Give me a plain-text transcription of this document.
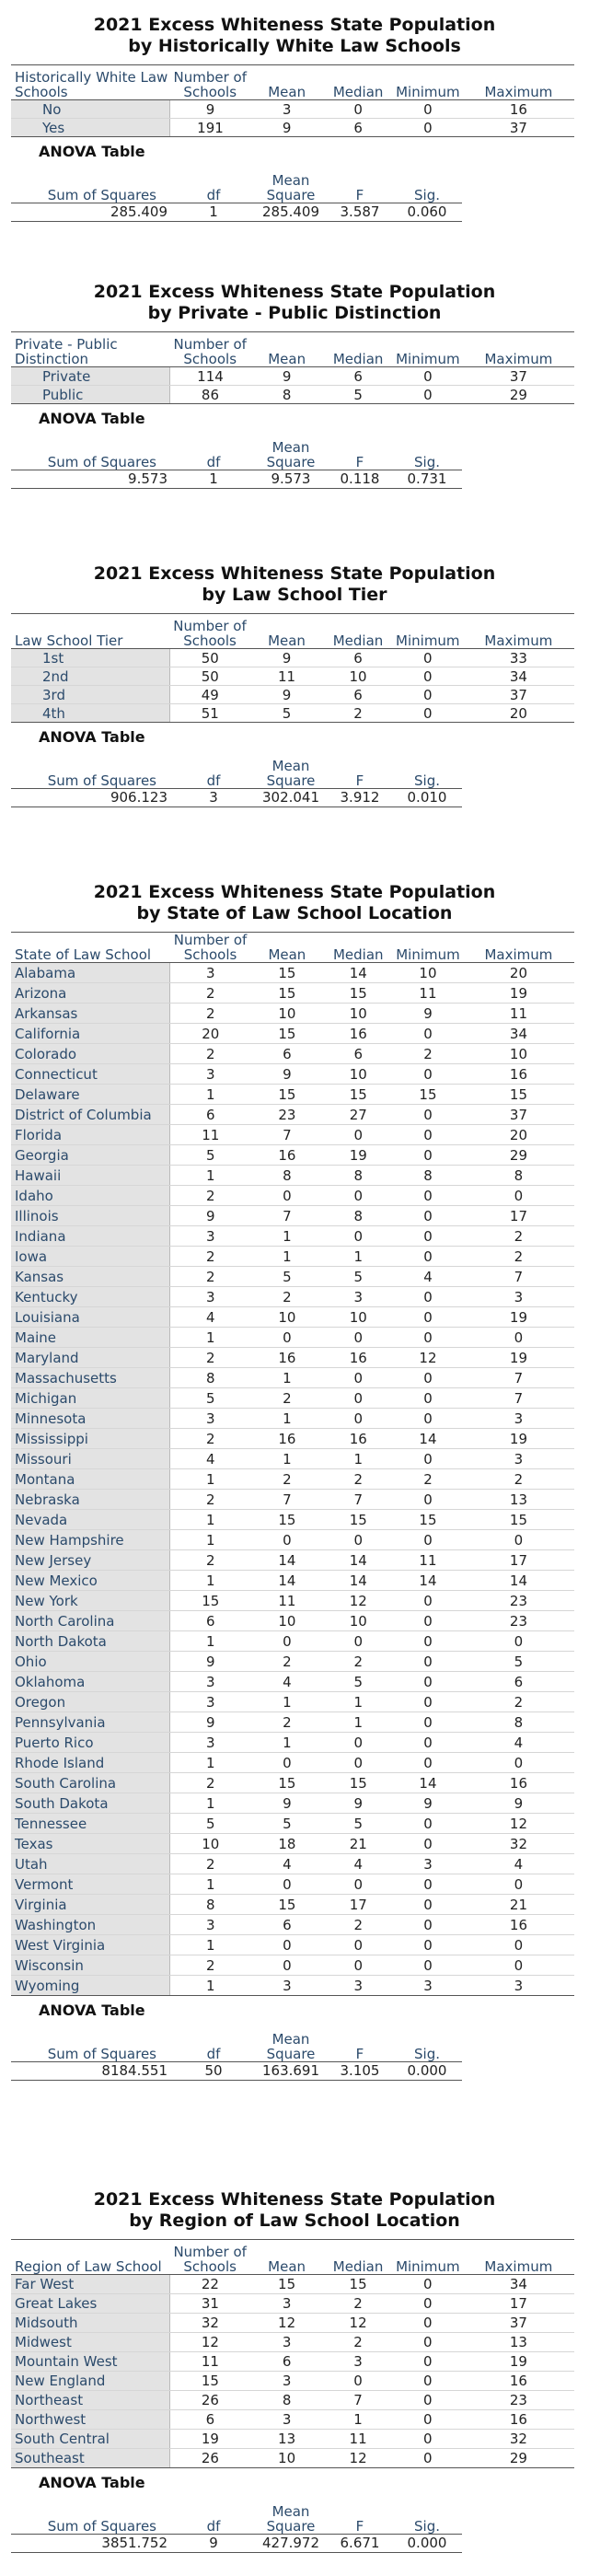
2021 Excess Whiteness State Population
by Historically White Law Schools
Historically White Law Schools	Number of Schools	Mean	Median	Minimum	Maximum
No	9	3	0	0	16
Yes	191	9	6	0	37
ANOVA Table
Sum of Squares	df	Mean Square	F	Sig.
285.409	1	285.409	3.587	0.060
2021 Excess Whiteness State Population
by Private - Public Distinction
Private - Public Distinction	Number of Schools	Mean	Median	Minimum	Maximum
Private	114	9	6	0	37
Public	86	8	5	0	29
ANOVA Table
Sum of Squares	df	Mean Square	F	Sig.
9.573	1	9.573	0.118	0.731
2021 Excess Whiteness State Population
by Law School Tier
Law School Tier	Number of Schools	Mean	Median	Minimum	Maximum
1st	50	9	6	0	33
2nd	50	11	10	0	34
3rd	49	9	6	0	37
4th	51	5	2	0	20
ANOVA Table
Sum of Squares	df	Mean Square	F	Sig.
906.123	3	302.041	3.912	0.010
2021 Excess Whiteness State Population
by State of Law School Location
State of Law School	Number of Schools	Mean	Median	Minimum	Maximum
Alabama	3	15	14	10	20
Arizona	2	15	15	11	19
Arkansas	2	10	10	9	11
California	20	15	16	0	34
Colorado	2	6	6	2	10
Connecticut	3	9	10	0	16
Delaware	1	15	15	15	15
District of Columbia	6	23	27	0	37
Florida	11	7	0	0	20
Georgia	5	16	19	0	29
Hawaii	1	8	8	8	8
Idaho	2	0	0	0	0
Illinois	9	7	8	0	17
Indiana	3	1	0	0	2
Iowa	2	1	1	0	2
Kansas	2	5	5	4	7
Kentucky	3	2	3	0	3
Louisiana	4	10	10	0	19
Maine	1	0	0	0	0
Maryland	2	16	16	12	19
Massachusetts	8	1	0	0	7
Michigan	5	2	0	0	7
Minnesota	3	1	0	0	3
Mississippi	2	16	16	14	19
Missouri	4	1	1	0	3
Montana	1	2	2	2	2
Nebraska	2	7	7	0	13
Nevada	1	15	15	15	15
New Hampshire	1	0	0	0	0
New Jersey	2	14	14	11	17
New Mexico	1	14	14	14	14
New York	15	11	12	0	23
North Carolina	6	10	10	0	23
North Dakota	1	0	0	0	0
Ohio	9	2	2	0	5
Oklahoma	3	4	5	0	6
Oregon	3	1	1	0	2
Pennsylvania	9	2	1	0	8
Puerto Rico	3	1	0	0	4
Rhode Island	1	0	0	0	0
South Carolina	2	15	15	14	16
South Dakota	1	9	9	9	9
Tennessee	5	5	5	0	12
Texas	10	18	21	0	32
Utah	2	4	4	3	4
Vermont	1	0	0	0	0
Virginia	8	15	17	0	21
Washington	3	6	2	0	16
West Virginia	1	0	0	0	0
Wisconsin	2	0	0	0	0
Wyoming	1	3	3	3	3
ANOVA Table
Sum of Squares	df	Mean Square	F	Sig.
8184.551	50	163.691	3.105	0.000
2021 Excess Whiteness State Population
by Region of Law School Location
Region of Law School	Number of Schools	Mean	Median	Minimum	Maximum
Far West	22	15	15	0	34
Great Lakes	31	3	2	0	17
Midsouth	32	12	12	0	37
Midwest	12	3	2	0	13
Mountain West	11	6	3	0	19
New England	15	3	0	0	16
Northeast	26	8	7	0	23
Northwest	6	3	1	0	16
South Central	19	13	11	0	32
Southeast	26	10	12	0	29
ANOVA Table
Sum of Squares	df	Mean Square	F	Sig.
3851.752	9	427.972	6.671	0.000
